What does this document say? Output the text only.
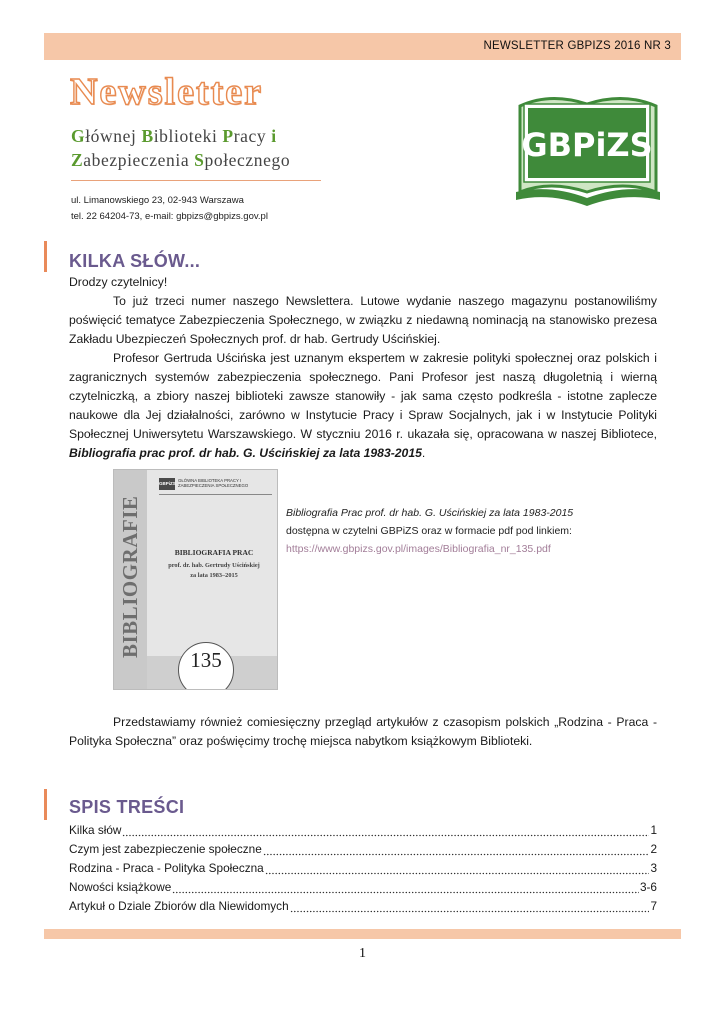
NEWSLETTER GBPIZS 2016 NR 3
Newsletter
Głównej Biblioteki Pracy i
Zabezpieczenia Społecznego
ul. Limanowskiego 23, 02-943 Warszawa
tel. 22 64204-73, e-mail: gbpizs@gbpizs.gov.pl
GBPiZS
KILKA SŁÓW...
Drodzy czytelnicy!
To już trzeci numer naszego Newslettera. Lutowe wydanie naszego magazynu postanowiliśmy poświęcić tematyce Zabezpieczenia Społecznego, w związku z niedawną nominacją na stanowisko prezesa Zakładu Ubezpieczeń Społecznych prof. dr hab. Gertrudy Uścińskiej.
Profesor Gertruda Uścińska jest uznanym ekspertem w zakresie polityki społecznej oraz polskich i zagranicznych systemów zabezpieczenia społecznego. Pani Profesor jest naszą długoletnią i wierną czytelniczką, a zbiory naszej biblioteki zawsze stanowiły - jak sama często podkreśla - istotne zaplecze naukowe dla Jej działalności, zarówno w Instytucie Pracy i Spraw Socjalnych, jak i w Instytucie Polityki Społecznej Uniwersytetu Warszawskiego. W styczniu 2016 r. ukazała się, opracowana w naszej Bibliotece, Bibliografia prac prof. dr hab. G. Uścińskiej za lata 1983-2015.
BIBLIOGRAFIE
GBPiZS
GŁÓWNA BIBLIOTEKA PRACY I ZABEZPIECZENIA SPOŁECZNEGO
BIBLIOGRAFIA PRAC
prof. dr. hab. Gertrudy Uścińskiej
za lata 1983–2015
135
Bibliografia Prac prof. dr hab. G. Uścińskiej za lata 1983-2015
dostępna w czytelni GBPiZS oraz w formacie pdf pod linkiem:
https://www.gbpizs.gov.pl/images/Bibliografia_nr_135.pdf
Przedstawiamy również comiesięczny przegląd artykułów z czasopism polskich „Rodzina - Praca - Polityka Społeczna” oraz poświęcimy trochę miejsca nabytkom książkowym Biblioteki.
SPIS TREŚCI
Kilka słów	1
Czym jest zabezpieczenie społeczne	2
Rodzina - Praca - Polityka Społeczna	3
Nowości książkowe	3-6
Artykuł o Dziale Zbiorów dla Niewidomych	7
1
